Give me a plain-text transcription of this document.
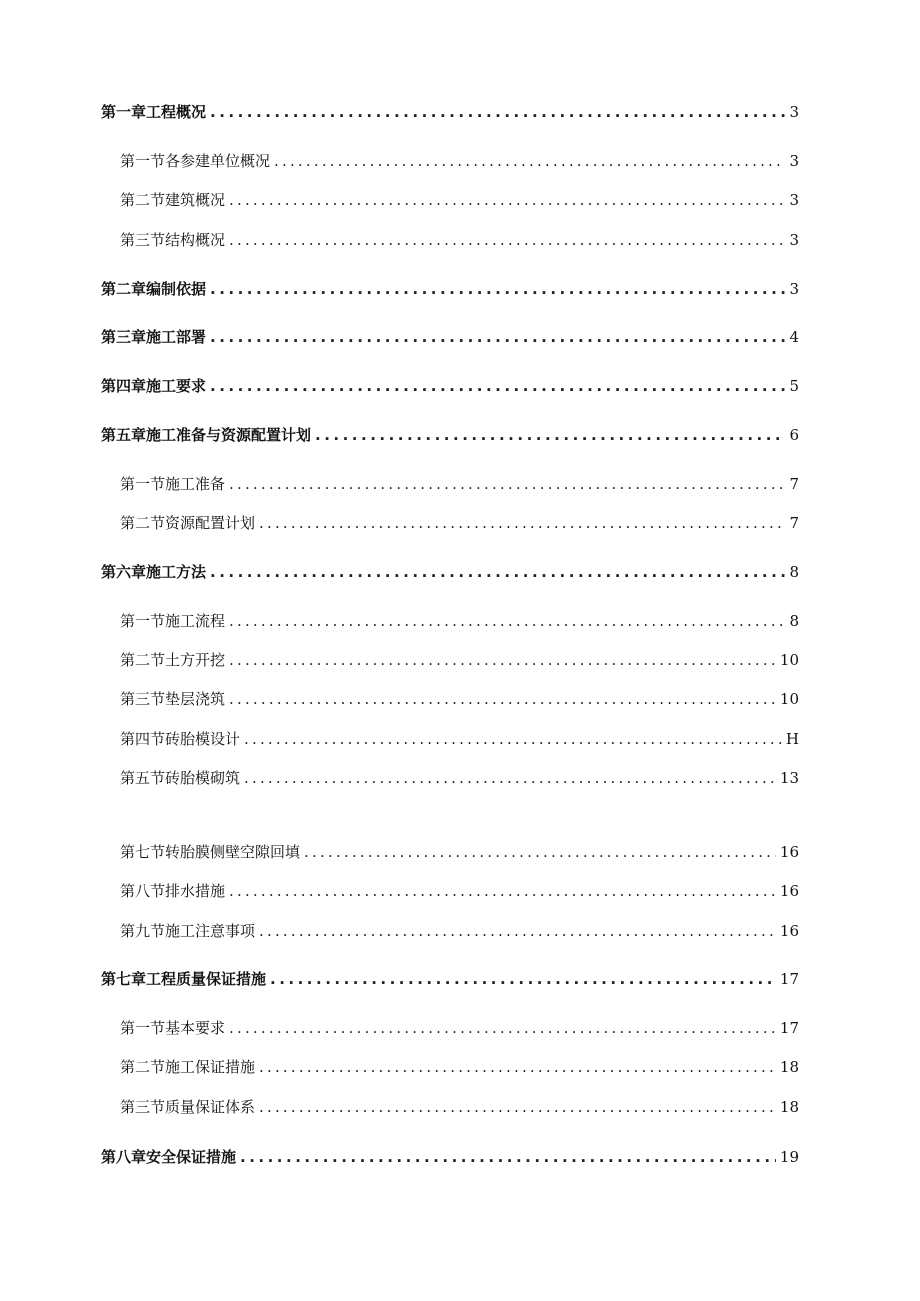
第一章工程概况 .....	3
第一节各参建单位概况 .....	3
第二节建筑概况 .....	3
第三节结构概况 .....	3
第二章编制依据 .....	3
第三章施工部署 .....	4
第四章施工要求 .....	5
第五章施工准备与资源配置计划 .....	6
第一节施工准备 .....	7
第二节资源配置计划 .....	7
第六章施工方法 .....	8
第一节施工流程 .....	8
第二节土方开挖 .....	10
第三节垫层浇筑 .....	10
第四节砖胎模设计 .....	H
第五节砖胎模砌筑 .....	13
第七节转胎膜侧壁空隙回填 .....	16
第八节排水措施 .....	16
第九节施工注意事项 .....	16
第七章工程质量保证措施 .....	17
第一节基本要求 .....	17
第二节施工保证措施 .....	18
第三节质量保证体系 .....	18
第八章安全保证措施 .....	19
